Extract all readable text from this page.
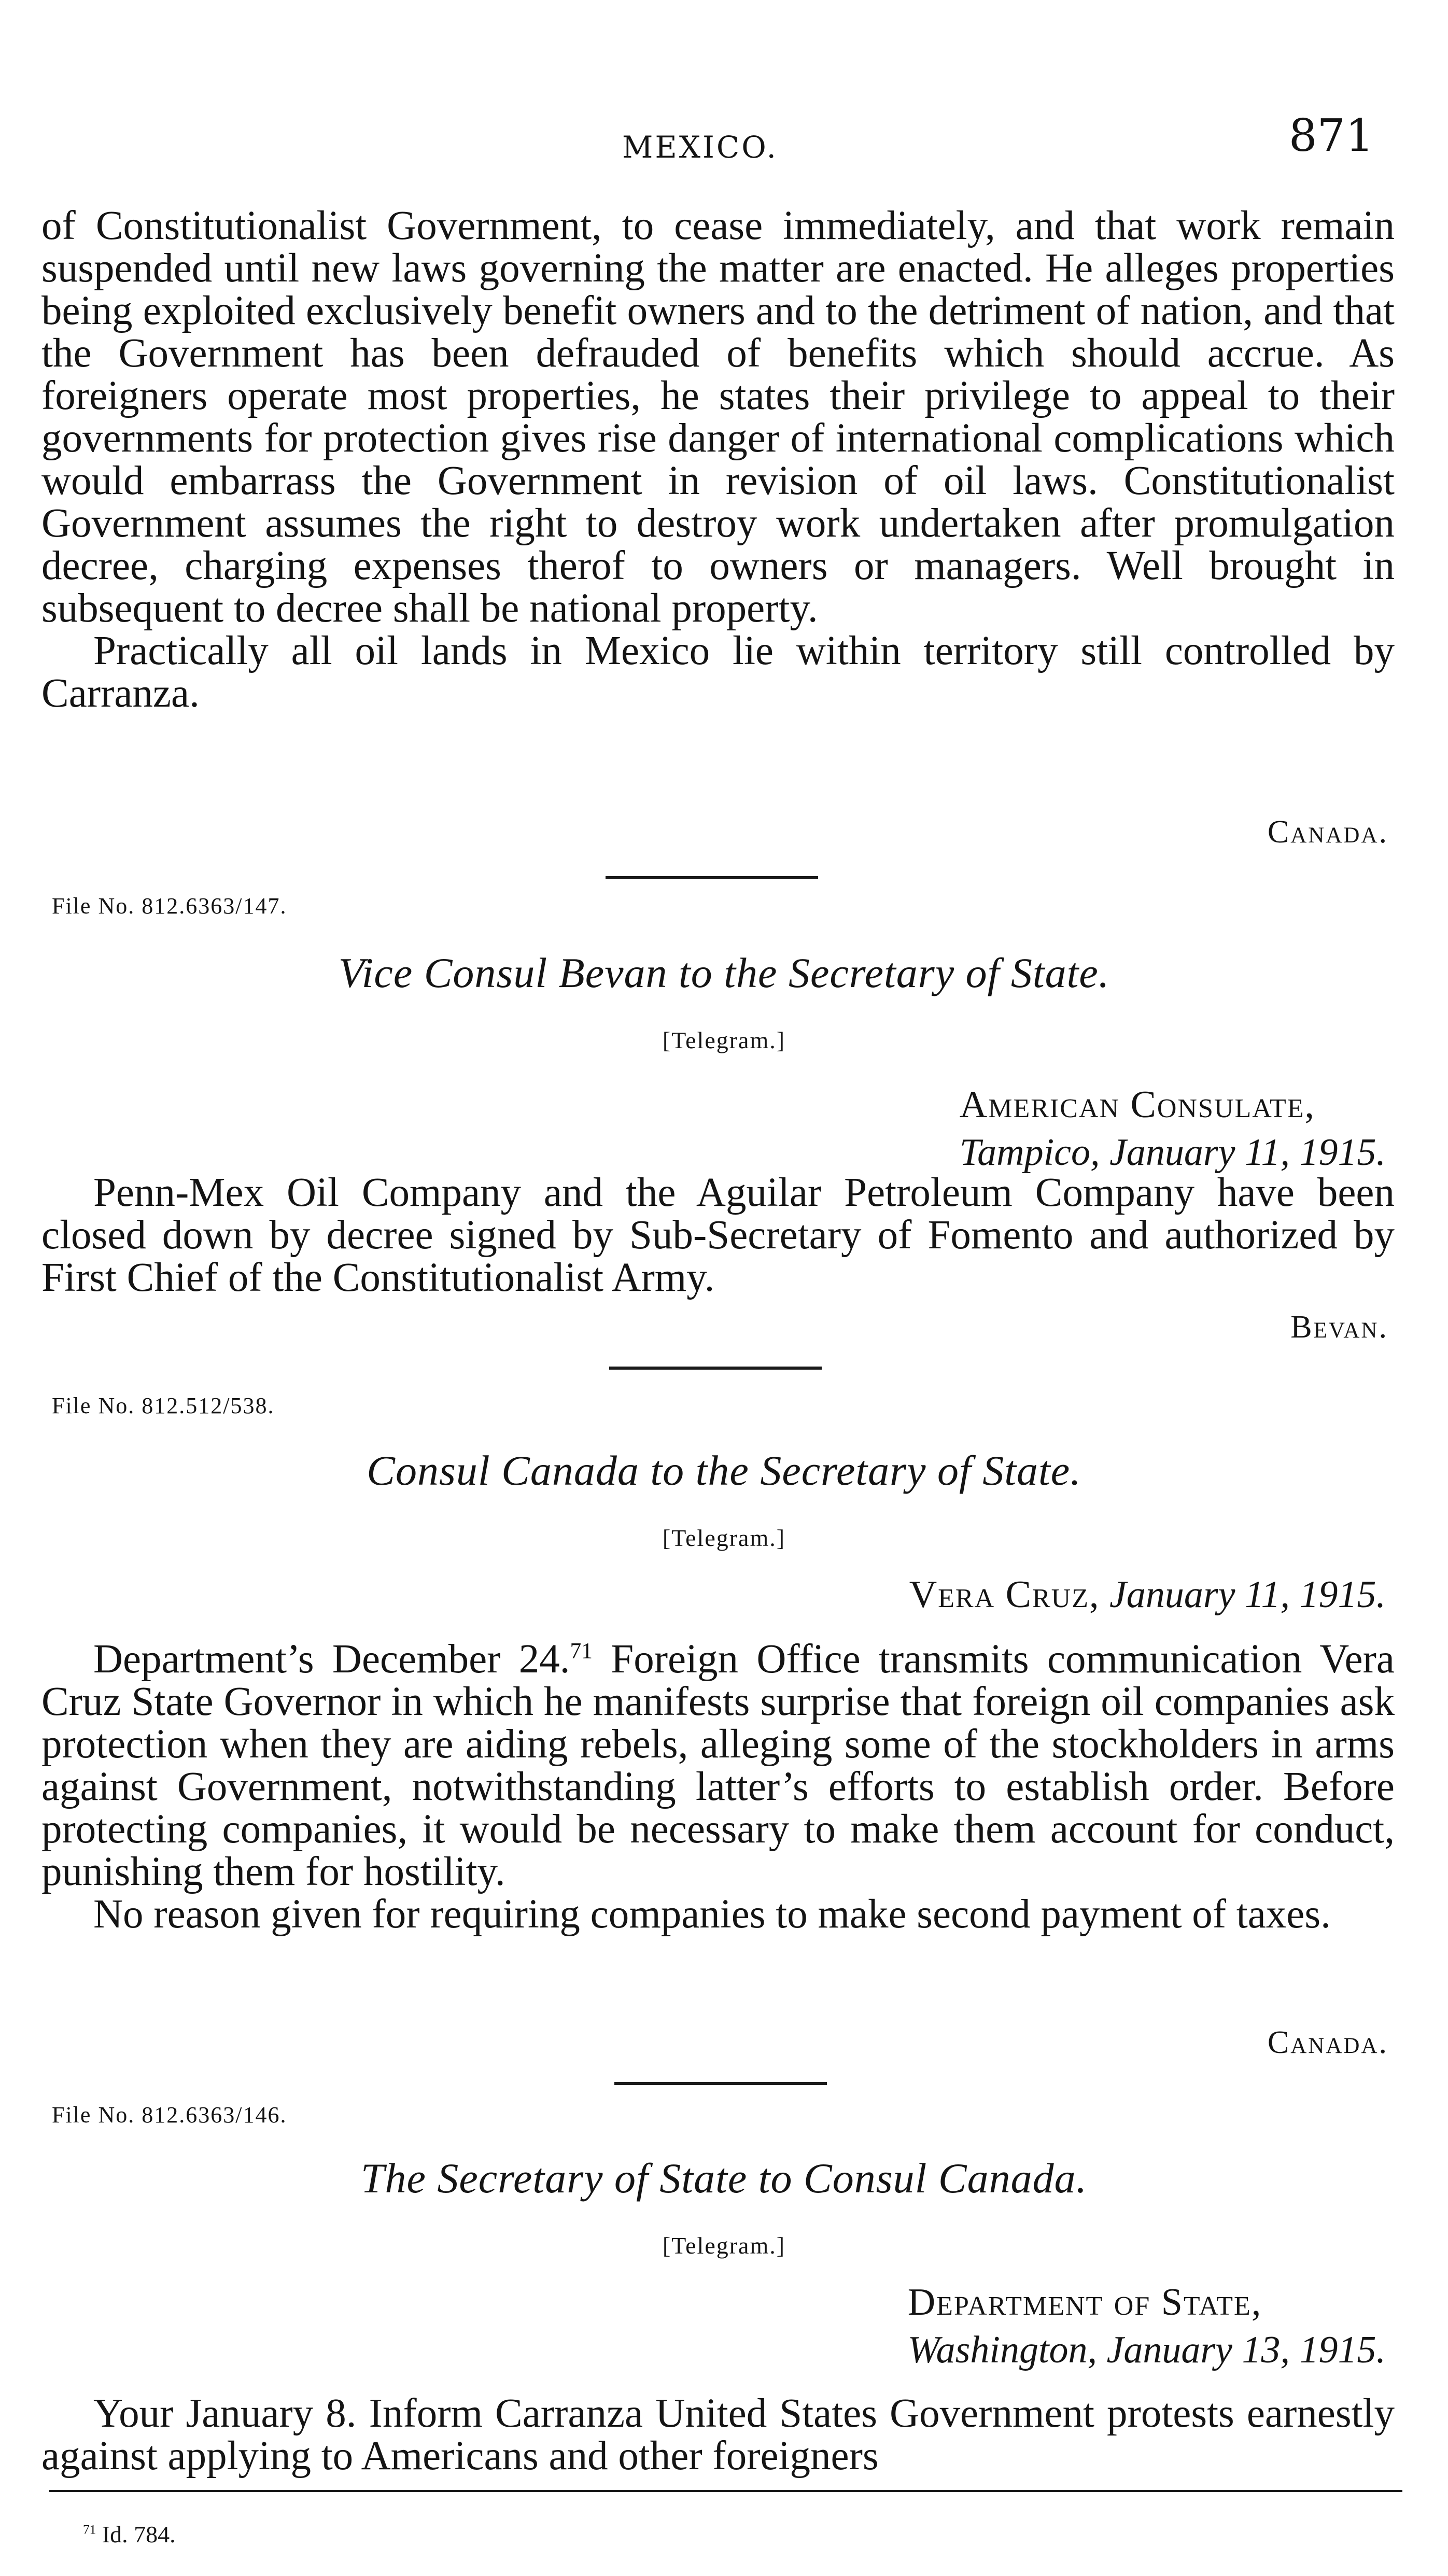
MEXICO.	871

of Constitutionalist Government, to cease immediately, and that work remain suspended until new laws governing the matter are enacted. He alleges properties being exploited exclusively benefit owners and to the detriment of nation, and that the Government has been defrauded of benefits which should accrue. As foreigners operate most properties, he states their privilege to appeal to their governments for protection gives rise danger of international complications which would embarrass the Government in revision of oil laws. Constitutionalist Government assumes the right to destroy work undertaken after promulgation decree, charging expenses therof to owners or managers. Well brought in subsequent to decree shall be national property.

Practically all oil lands in Mexico lie within territory still controlled by Carranza.

Canada.
File No. 812.6363/147.
Vice Consul Bevan to the Secretary of State.
[Telegram.]
American Consulate,
Tampico, January 11, 1915.

Penn-Mex Oil Company and the Aguilar Petroleum Company have been closed down by decree signed by Sub-Secretary of Fomento and authorized by First Chief of the Constitutionalist Army.

Bevan.
File No. 812.512/538.
Consul Canada to the Secretary of State.
[Telegram.]
Vera Cruz, January 11, 1915.

Department’s December 24.71 Foreign Office transmits communication Vera Cruz State Governor in which he manifests surprise that foreign oil companies ask protection when they are aiding rebels, alleging some of the stockholders in arms against Government, notwithstanding latter’s efforts to establish order. Before protecting companies, it would be necessary to make them account for conduct, punishing them for hostility.

No reason given for requiring companies to make second payment of taxes.

Canada.
File No. 812.6363/146.
The Secretary of State to Consul Canada.
[Telegram.]
Department of State,
Washington, January 13, 1915.

Your January 8. Inform Carranza United States Government protests earnestly against applying to Americans and other foreigners

$^{71}$ Id. 784.
